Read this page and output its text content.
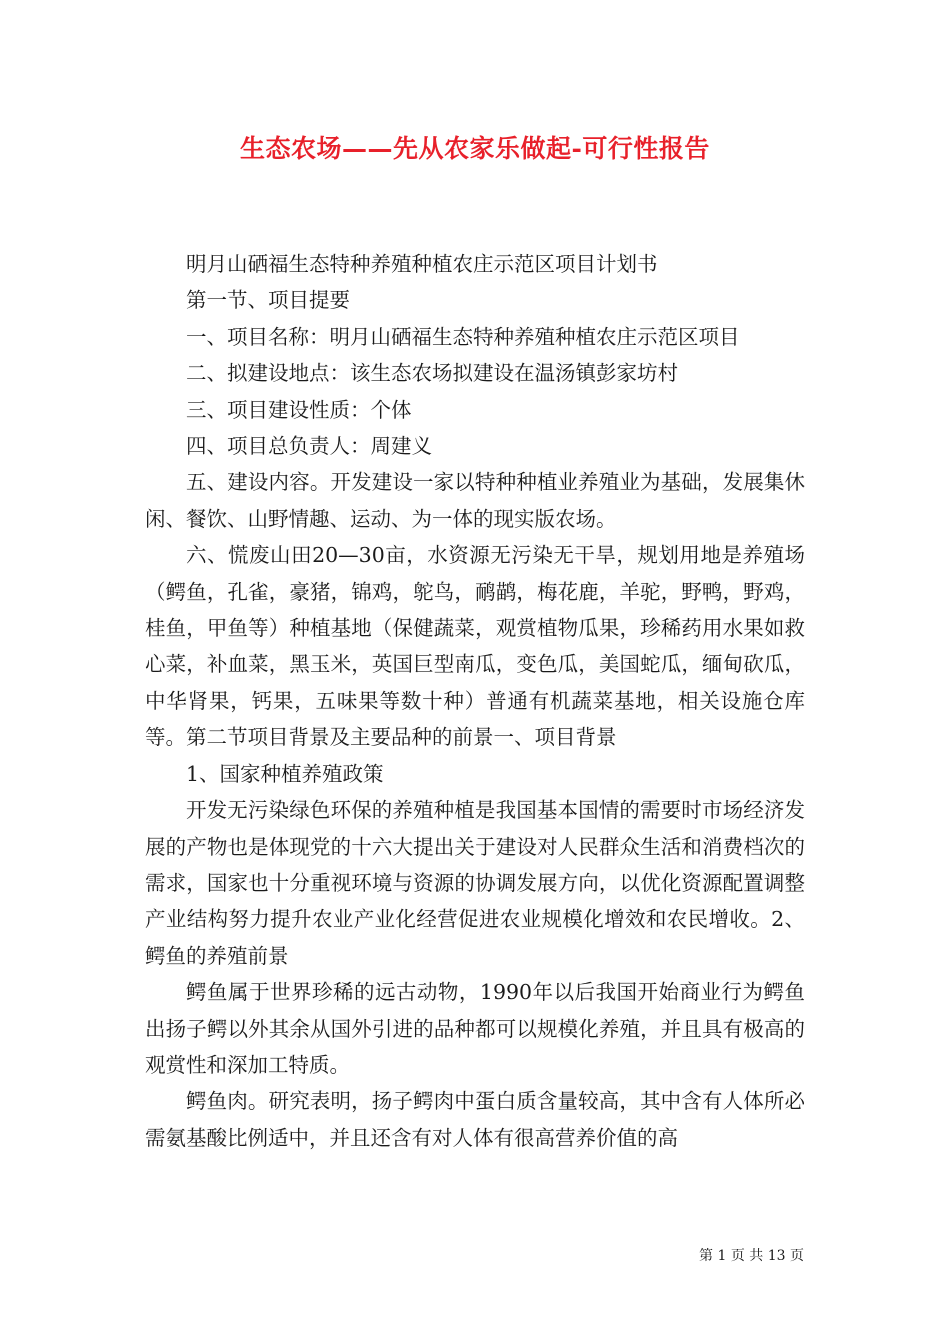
生态农场——先从农家乐做起-可行性报告

明月山硒福生态特种养殖种植农庄示范区项目计划书

第一节、项目提要

一、项目名称：明月山硒福生态特种养殖种植农庄示范区项目

二、拟建设地点：该生态农场拟建设在温汤镇彭家坊村

三、项目建设性质：个体

四、项目总负责人：周建义

五、建设内容。开发建设一家以特种种植业养殖业为基础，发展集休闲、餐饮、山野情趣、运动、为一体的现实版农场。

六、慌废山田20—30亩，水资源无污染无干旱，规划用地是养殖场（鳄鱼，孔雀，豪猪，锦鸡，鸵鸟，鸸鹋，梅花鹿，羊驼，野鸭，野鸡，桂鱼，甲鱼等）种植基地（保健蔬菜，观赏植物瓜果，珍稀药用水果如救心菜，补血菜，黑玉米，英国巨型南瓜，变色瓜，美国蛇瓜，缅甸砍瓜，中华肾果，钙果，五味果等数十种）普通有机蔬菜基地，相关设施仓库等。第二节项目背景及主要品种的前景一、项目背景

1、国家种植养殖政策

开发无污染绿色环保的养殖种植是我国基本国情的需要时市场经济发展的产物也是体现党的十六大提出关于建设对人民群众生活和消费档次的需求，国家也十分重视环境与资源的协调发展方向，以优化资源配置调整产业结构努力提升农业产业化经营促进农业规模化增效和农民增收。2、鳄鱼的养殖前景

鳄鱼属于世界珍稀的远古动物，1990年以后我国开始商业行为鳄鱼出扬子鳄以外其余从国外引进的品种都可以规模化养殖，并且具有极高的观赏性和深加工特质。

鳄鱼肉。研究表明，扬子鳄肉中蛋白质含量较高，其中含有人体所必需氨基酸比例适中，并且还含有对人体有很高营养价值的高

第 1 页 共 13 页
